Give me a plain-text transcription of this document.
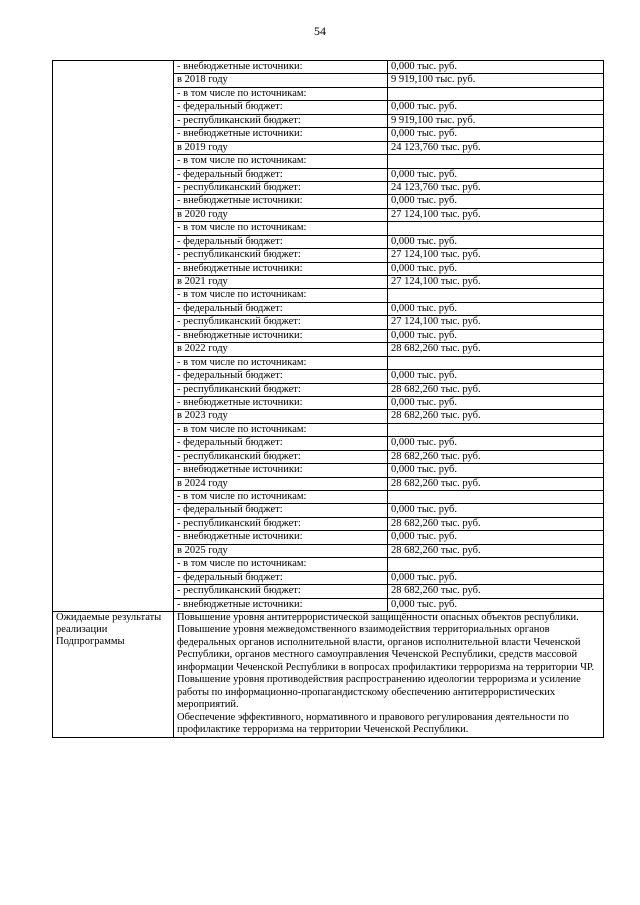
54
	- внебюджетные источники:	0,000 тыс. руб.
	в 2018 году	9 919,100 тыс. руб.
	- в том числе по источникам:	
	- федеральный бюджет:	0,000 тыс. руб.
	- республиканский бюджет:	9 919,100 тыс. руб.
	- внебюджетные источники:	0,000 тыс. руб.
	в 2019 году	24 123,760 тыс. руб.
	- в том числе по источникам:	
	- федеральный бюджет:	0,000 тыс. руб.
	- республиканский бюджет:	24 123,760 тыс. руб.
	- внебюджетные источники:	0,000 тыс. руб.
	в 2020 году	27 124,100 тыс. руб.
	- в том числе по источникам:	
	- федеральный бюджет:	0,000 тыс. руб.
	- республиканский бюджет:	27 124,100 тыс. руб.
	- внебюджетные источники:	0,000 тыс. руб.
	в 2021 году	27 124,100 тыс. руб.
	- в том числе по источникам:	
	- федеральный бюджет:	0,000 тыс. руб.
	- республиканский бюджет:	27 124,100 тыс. руб.
	- внебюджетные источники:	0,000 тыс. руб.
	в 2022 году	28 682,260 тыс. руб.
	- в том числе по источникам:	
	- федеральный бюджет:	0,000 тыс. руб.
	- республиканский бюджет:	28 682,260 тыс. руб.
	- внебюджетные источники:	0,000 тыс. руб.
	в 2023 году	28 682,260 тыс. руб.
	- в том числе по источникам:	
	- федеральный бюджет:	0,000 тыс. руб.
	- республиканский бюджет:	28 682,260 тыс. руб.
	- внебюджетные источники:	0,000 тыс. руб.
	в 2024 году	28 682,260 тыс. руб.
	- в том числе по источникам:	
	- федеральный бюджет:	0,000 тыс. руб.
	- республиканский бюджет:	28 682,260 тыс. руб.
	- внебюджетные источники:	0,000 тыс. руб.
	в 2025 году	28 682,260 тыс. руб.
	- в том числе по источникам:	
	- федеральный бюджет:	0,000 тыс. руб.
	- республиканский бюджет:	28 682,260 тыс. руб.
	- внебюджетные источники:	0,000 тыс. руб.
Ожидаемые результаты реализации Подпрограммы	Повышение уровня антитеррористической защищённости опасных объектов республики.
Повышение уровня межведомственного взаимодействия территориальных органов федеральных органов исполнительной власти, органов исполнительной власти Чеченской Республики, органов местного самоуправления Чеченской Республики, средств массовой информации Чеченской Республики в вопросах профилактики терроризма на территории ЧР.
Повышение уровня противодействия распространению идеологии терроризма и усиление работы по информационно-пропагандистскому обеспечению антитеррористических мероприятий.
Обеспечение эффективного, нормативного и правового регулирования деятельности по профилактике терроризма на территории Чеченской Республики.	
